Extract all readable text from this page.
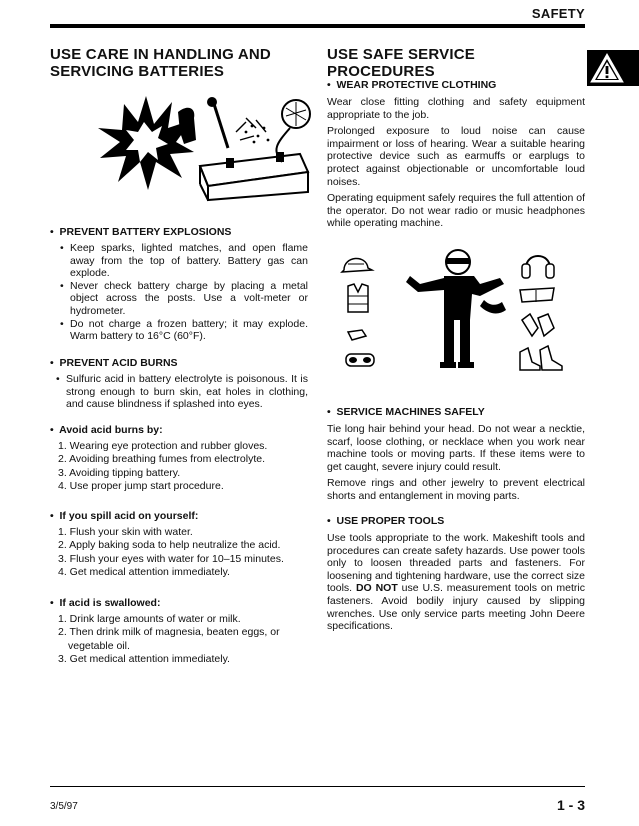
SAFETY
USE CARE IN HANDLING AND
SERVICING BATTERIES
•  PREVENT BATTERY EXPLOSIONS
• Keep sparks, lighted matches, and open flame away from the top of battery. Battery gas can explode.
• Never check battery charge by placing a metal object across the posts. Use a volt-meter or hydrometer.
• Do not charge a frozen battery; it may explode. Warm battery to 16°C (60°F).
•  PREVENT ACID BURNS
• Sulfuric acid in battery electrolyte is poisonous. It is strong enough to burn skin, eat holes in clothing, and cause blindness if splashed into eyes.
•  Avoid acid burns by:
1. Wearing eye protection and rubber gloves.
2. Avoiding breathing fumes from electrolyte.
3. Avoiding tipping battery.
4. Use proper jump start procedure.
•  If you spill acid on yourself:
1. Flush your skin with water.
2. Apply baking soda to help neutralize the acid.
3. Flush your eyes with water for 10–15 minutes.
4. Get medical attention immediately.
•  If acid is swallowed:
1. Drink large amounts of water or milk.
2. Then drink milk of magnesia, beaten eggs, or vegetable oil.
3. Get medical attention immediately.
USE SAFE SERVICE PROCEDURES
•  WEAR PROTECTIVE CLOTHING
Wear close fitting clothing and safety equipment appropriate to the job.
Prolonged exposure to loud noise can cause impairment or loss of hearing. Wear a suitable hearing protective device such as earmuffs or earplugs to protect against objectionable or uncomfortable loud noises.
Operating equipment safely requires the full attention of the operator. Do not wear radio or music headphones while operating machine.
•  SERVICE MACHINES SAFELY
Tie long hair behind your head. Do not wear a necktie, scarf, loose clothing, or necklace when you work near machine tools or moving parts. If these items were to get caught, severe injury could result.
Remove rings and other jewelry to prevent electrical shorts and entanglement in moving parts.
•  USE PROPER TOOLS
Use tools appropriate to the work. Makeshift tools and procedures can create safety hazards. Use power tools only to loosen threaded parts and fasteners. For loosening and tightening hardware, use the correct size tools. DO NOT use U.S. measurement tools on metric fasteners. Avoid bodily injury caused by slipping wrenches. Use only service parts meeting John Deere specifications.
3/5/97	1 - 3
